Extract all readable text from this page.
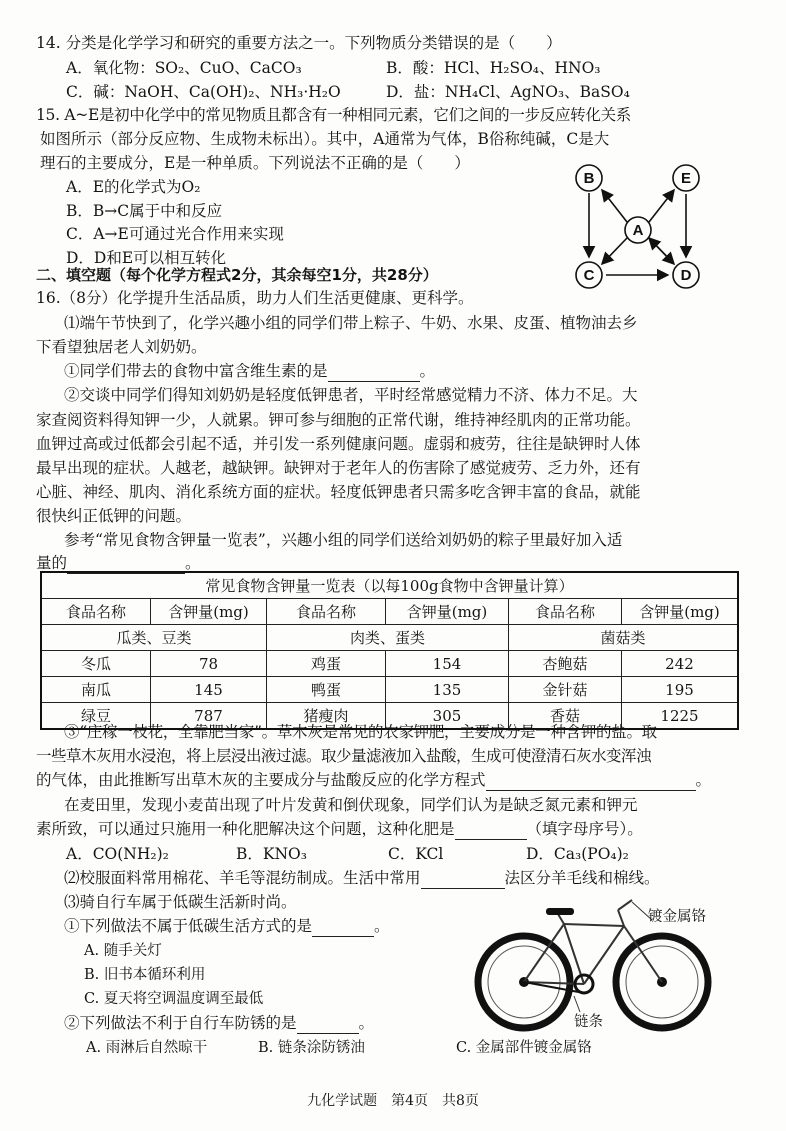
14. 分类是化学学习和研究的重要方法之一。下列物质分类错误的是（　　）
A．氧化物：SO₂、CuO、CaCO₃	B．酸：HCl、H₂SO₄、HNO₃
C．碱：NaOH、Ca(OH)₂、NH₃·H₂O	D．盐：NH₄Cl、AgNO₃、BaSO₄
15. A~E是初中化学中的常见物质且都含有一种相同元素，它们之间的一步反应转化关系
如图所示（部分反应物、生成物未标出）。其中，A通常为气体，B俗称纯碱，C是大
理石的主要成分，E是一种单质。下列说法不正确的是（　　）
A．E的化学式为O₂
B．B→C属于中和反应
C．A→E可通过光合作用来实现
D．D和E可以相互转化
B	E
A
C	D
二、填空题（每个化学方程式2分，其余每空1分，共28分）
16.（8分）化学提升生活品质，助力人们生活更健康、更科学。
⑴端午节快到了，化学兴趣小组的同学们带上粽子、牛奶、水果、皮蛋、植物油去乡
下看望独居老人刘奶奶。
①同学们带去的食物中富含维生素的是	。
②交谈中同学们得知刘奶奶是轻度低钾患者，平时经常感觉精力不济、体力不足。大
家查阅资料得知钾一少，人就累。钾可参与细胞的正常代谢，维持神经肌肉的正常功能。
血钾过高或过低都会引起不适，并引发一系列健康问题。虚弱和疲劳，往往是缺钾时人体
最早出现的症状。人越老，越缺钾。缺钾对于老年人的伤害除了感觉疲劳、乏力外，还有
心脏、神经、肌肉、消化系统方面的症状。轻度低钾患者只需多吃含钾丰富的食品，就能
很快纠正低钾的问题。
参考“常见食物含钾量一览表”，兴趣小组的同学们送给刘奶奶的粽子里最好加入适
量的	。
常见食物含钾量一览表（以每100g食物中含钾量计算）					
食品名称	含钾量(mg)	食品名称	含钾量(mg)	食品名称	含钾量(mg)
瓜类、豆类		肉类、蛋类		菌菇类	
冬瓜	78	鸡蛋	154	杏鲍菇	242
南瓜	145	鸭蛋	135	金针菇	195
绿豆	787	猪瘦肉	305	香菇	1225
③“庄稼一枝花，全靠肥当家”。草木灰是常见的农家钾肥，主要成分是一种含钾的盐。取
一些草木灰用水浸泡，将上层浸出液过滤。取少量滤液加入盐酸，生成可使澄清石灰水变浑浊
的气体，由此推断写出草木灰的主要成分与盐酸反应的化学方程式	。
在麦田里，发现小麦苗出现了叶片发黄和倒伏现象，同学们认为是缺乏氮元素和钾元
素所致，可以通过只施用一种化肥解决这个问题，这种化肥是	（填字母序号）。
A．CO(NH₂)₂	B．KNO₃	C．KCl	D．Ca₃(PO₄)₂
⑵校服面料常用棉花、羊毛等混纺制成。生活中常用	法区分羊毛线和棉线。
⑶骑自行车属于低碳生活新时尚。
①下列做法不属于低碳生活方式的是	。
A. 随手关灯
B. 旧书本循环利用
C. 夏天将空调温度调至最低
②下列做法不利于自行车防锈的是	。
A. 雨淋后自然晾干	B. 链条涂防锈油	C. 金属部件镀金属铬
镀金属铬
链条
九化学试题　第4页　共8页
